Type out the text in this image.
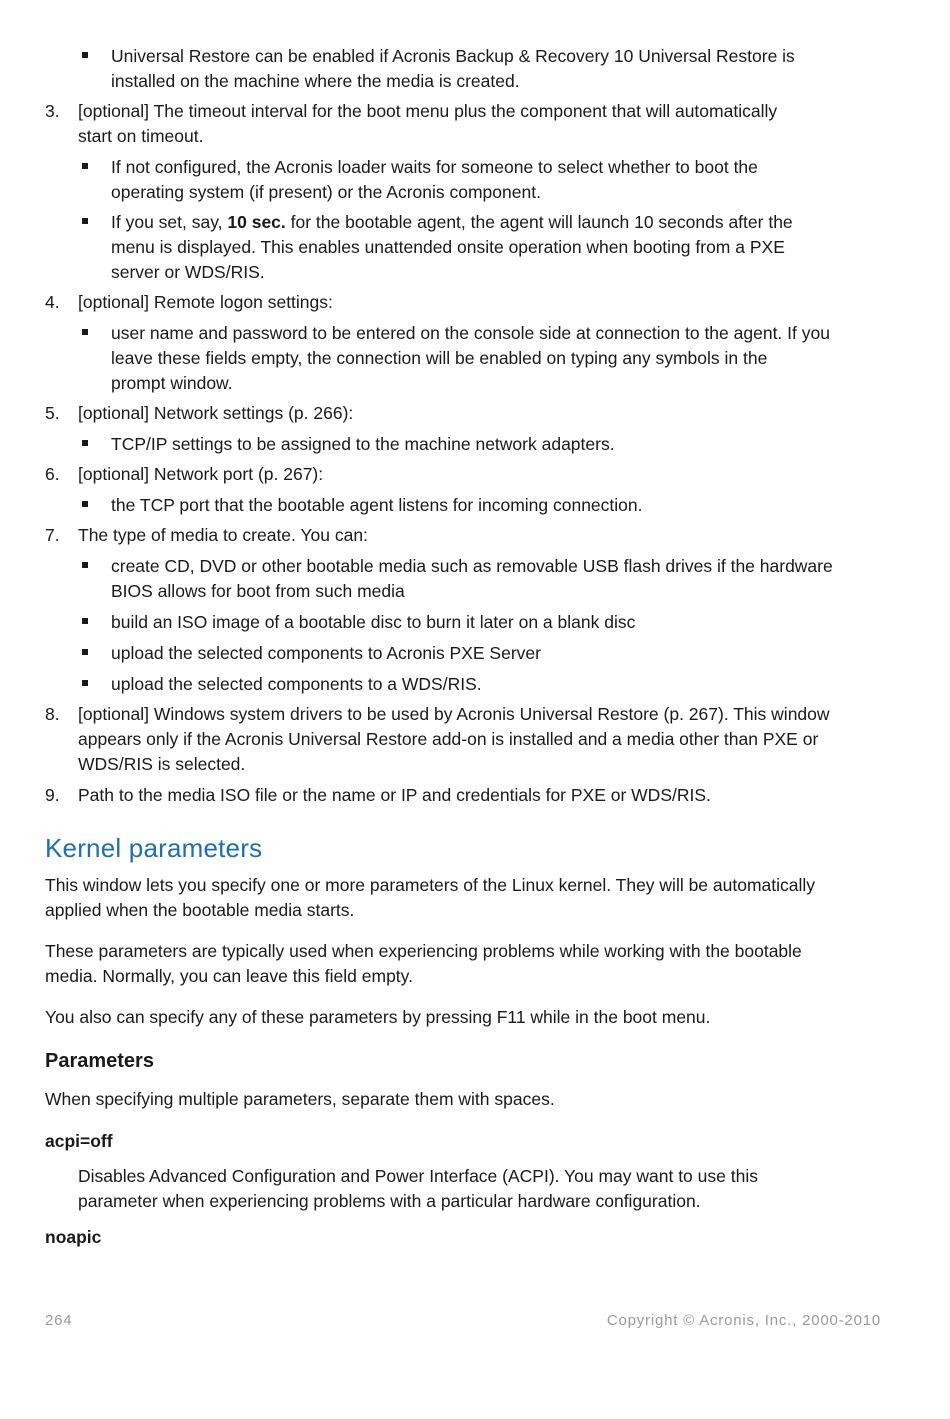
Universal Restore can be enabled if Acronis Backup & Recovery 10 Universal Restore is
installed on the machine where the media is created.
3. [optional] The timeout interval for the boot menu plus the component that will automatically
start on timeout.
If not configured, the Acronis loader waits for someone to select whether to boot the
operating system (if present) or the Acronis component.
If you set, say, 10 sec. for the bootable agent, the agent will launch 10 seconds after the
menu is displayed. This enables unattended onsite operation when booting from a PXE
server or WDS/RIS.
4. [optional] Remote logon settings:
user name and password to be entered on the console side at connection to the agent. If you
leave these fields empty, the connection will be enabled on typing any symbols in the
prompt window.
5. [optional] Network settings (p. 266):
TCP/IP settings to be assigned to the machine network adapters.
6. [optional] Network port (p. 267):
the TCP port that the bootable agent listens for incoming connection.
7. The type of media to create. You can:
create CD, DVD or other bootable media such as removable USB flash drives if the hardware
BIOS allows for boot from such media
build an ISO image of a bootable disc to burn it later on a blank disc
upload the selected components to Acronis PXE Server
upload the selected components to a WDS/RIS.
8. [optional] Windows system drivers to be used by Acronis Universal Restore (p. 267). This window
appears only if the Acronis Universal Restore add-on is installed and a media other than PXE or
WDS/RIS is selected.
9. Path to the media ISO file or the name or IP and credentials for PXE or WDS/RIS.
Kernel parameters
This window lets you specify one or more parameters of the Linux kernel. They will be automatically
applied when the bootable media starts.
These parameters are typically used when experiencing problems while working with the bootable
media. Normally, you can leave this field empty.
You also can specify any of these parameters by pressing F11 while in the boot menu.
Parameters
When specifying multiple parameters, separate them with spaces.
acpi=off
Disables Advanced Configuration and Power Interface (ACPI). You may want to use this
parameter when experiencing problems with a particular hardware configuration.
noapic
264	Copyright © Acronis, Inc., 2000-2010
